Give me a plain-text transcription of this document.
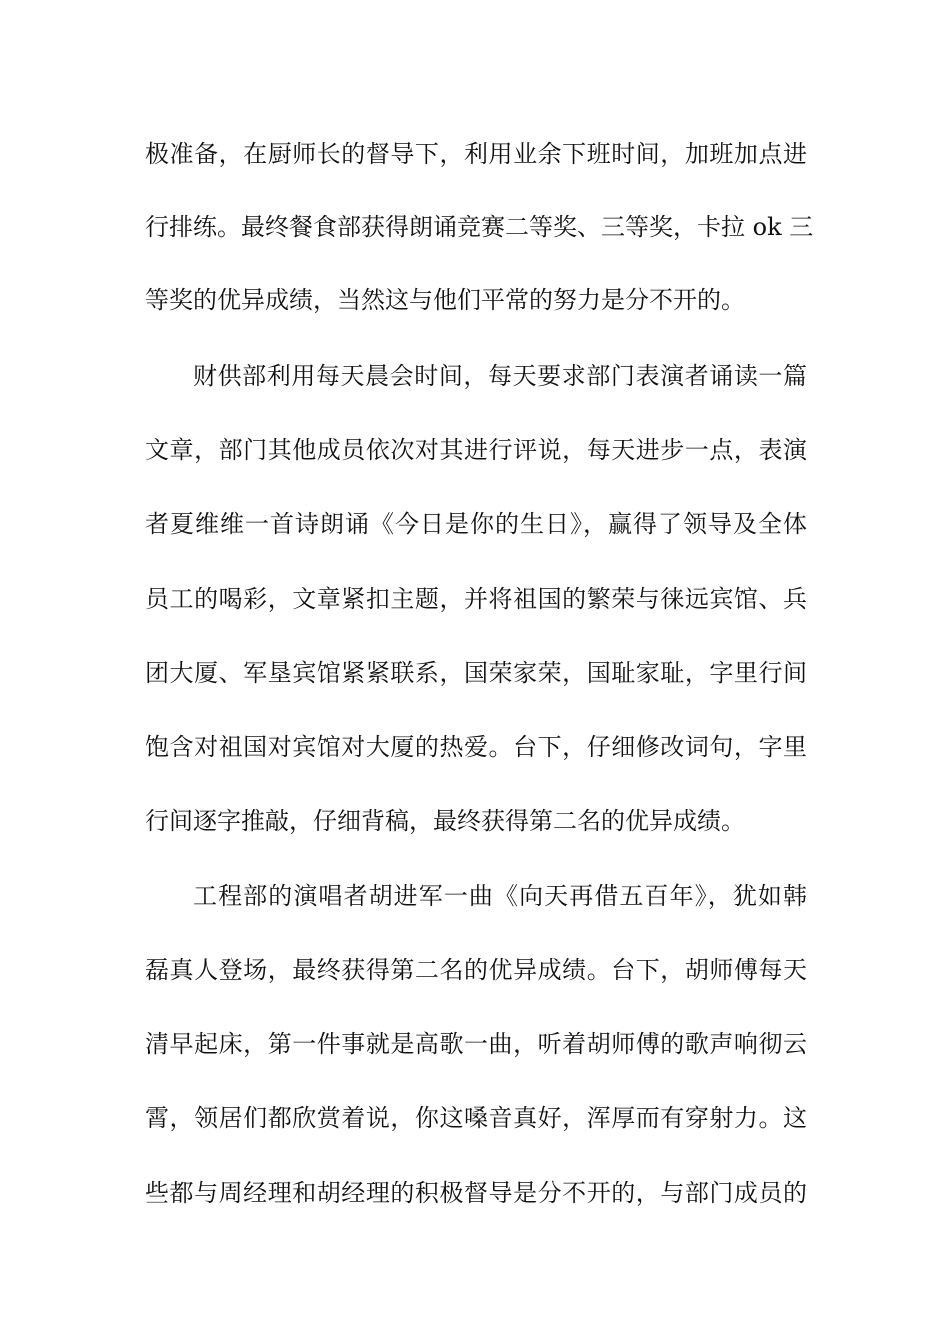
极准备，在厨师长的督导下，利用业余下班时间，加班加点进
行排练。最终餐食部获得朗诵竞赛二等奖、三等奖，卡拉 ok 三
等奖的优异成绩，当然这与他们平常的努力是分不开的。
财供部利用每天晨会时间，每天要求部门表演者诵读一篇
文章，部门其他成员依次对其进行评说，每天进步一点，表演
者夏维维一首诗朗诵《今日是你的生日》，赢得了领导及全体
员工的喝彩，文章紧扣主题，并将祖国的繁荣与徕远宾馆、兵
团大厦、军垦宾馆紧紧联系，国荣家荣，国耻家耻，字里行间
饱含对祖国对宾馆对大厦的热爱。台下，仔细修改词句，字里
行间逐字推敲，仔细背稿，最终获得第二名的优异成绩。
工程部的演唱者胡进军一曲《向天再借五百年》，犹如韩
磊真人登场，最终获得第二名的优异成绩。台下，胡师傅每天
清早起床，第一件事就是高歌一曲，听着胡师傅的歌声响彻云
霄，领居们都欣赏着说，你这嗓音真好，浑厚而有穿射力。这
些都与周经理和胡经理的积极督导是分不开的，与部门成员的
